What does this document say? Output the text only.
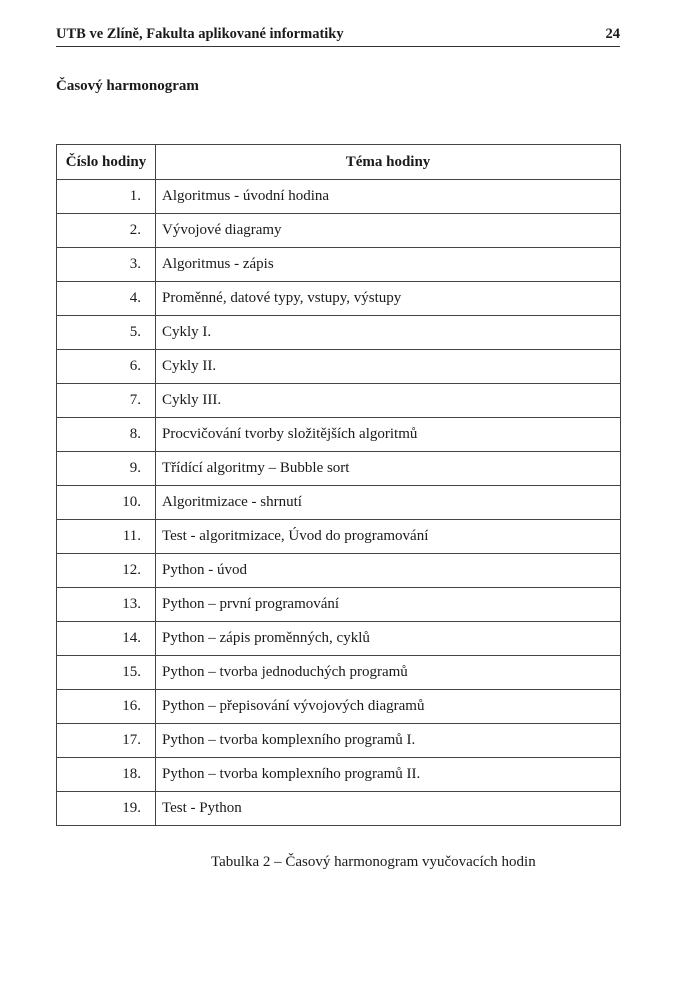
UTB ve Zlíně, Fakulta aplikované informatiky	24
Časový harmonogram
Číslo hodiny	Téma hodiny
1.	Algoritmus - úvodní hodina
2.	Vývojové diagramy
3.	Algoritmus - zápis
4.	Proměnné, datové typy, vstupy, výstupy
5.	Cykly I.
6.	Cykly II.
7.	Cykly III.
8.	Procvičování tvorby složitějších algoritmů
9.	Třídící algoritmy – Bubble sort
10.	Algoritmizace - shrnutí
11.	Test - algoritmizace, Úvod do programování
12.	Python - úvod
13.	Python – první programování
14.	Python – zápis proměnných, cyklů
15.	Python – tvorba jednoduchých programů
16.	Python – přepisování vývojových diagramů
17.	Python – tvorba komplexního programů I.
18.	Python – tvorba komplexního programů II.
19.	Test - Python
Tabulka 2 – Časový harmonogram vyučovacích hodin
